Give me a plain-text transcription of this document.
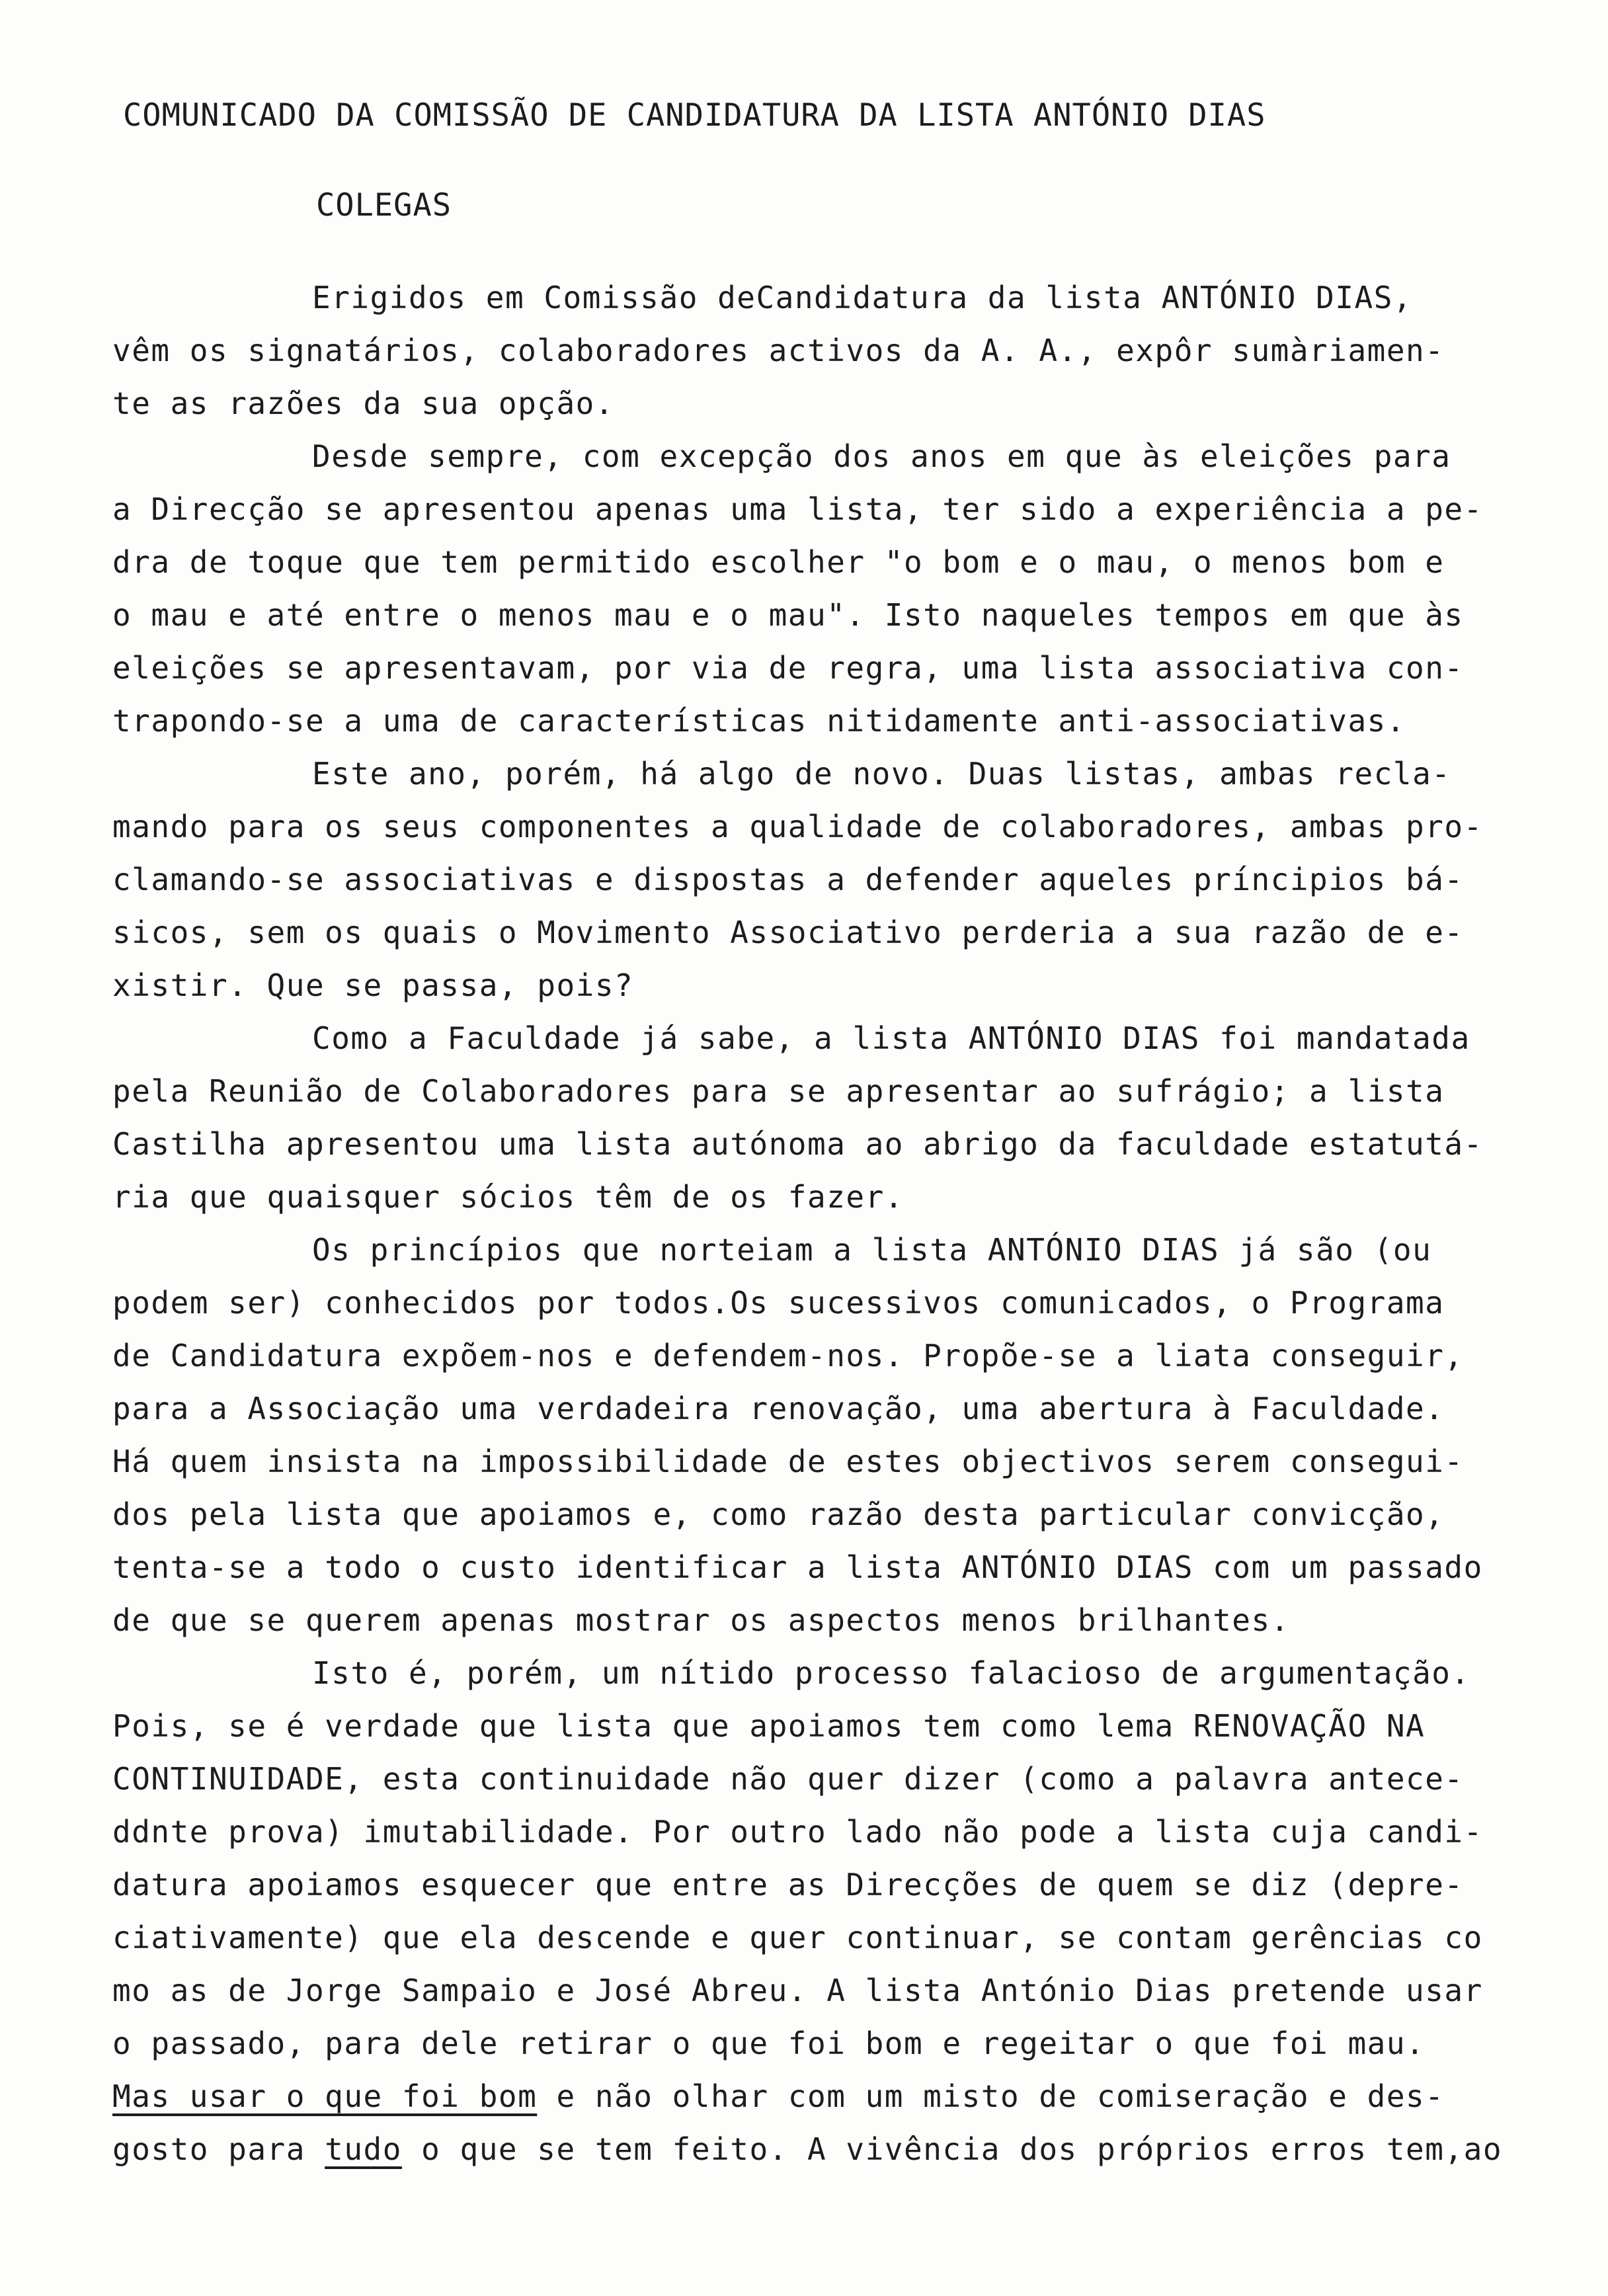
COMUNICADO DA COMISSÃO DE CANDIDATURA DA LISTA ANTÓNIO DIAS
COLEGAS
Erigidos em Comissão deCandidatura da lista ANTÓNIO DIAS,
vêm os signatários, colaboradores activos da A. A., expôr sumàriamen-
te as razões da sua opção.
Desde sempre, com excepção dos anos em que às eleições para
a Direcção se apresentou apenas uma lista, ter sido a experiência a pe-
dra de toque que tem permitido escolher "o bom e o mau, o menos bom e
o mau e até entre o menos mau e o mau". Isto naqueles tempos em que às
eleições se apresentavam, por via de regra, uma lista associativa con-
trapondo-se a uma de características nitidamente anti-associativas.
Este ano, porém, há algo de novo. Duas listas, ambas recla-
mando para os seus componentes a qualidade de colaboradores, ambas pro-
clamando-se associativas e dispostas a defender aqueles príncipios bá-
sicos, sem os quais o Movimento Associativo perderia a sua razão de e-
xistir. Que se passa, pois?
Como a Faculdade já sabe, a lista ANTÓNIO DIAS foi mandatada
pela Reunião de Colaboradores para se apresentar ao sufrágio; a lista
Castilha apresentou uma lista autónoma ao abrigo da faculdade estatutá-
ria que quaisquer sócios têm de os fazer.
Os princípios que norteiam a lista ANTÓNIO DIAS já são (ou
podem ser) conhecidos por todos.Os sucessivos comunicados, o Programa
de Candidatura expõem-nos e defendem-nos. Propõe-se a liata conseguir,
para a Associação uma verdadeira renovação, uma abertura à Faculdade.
Há quem insista na impossibilidade de estes objectivos serem consegui-
dos pela lista que apoiamos e, como razão desta particular convicção,
tenta-se a todo o custo identificar a lista ANTÓNIO DIAS com um passado
de que se querem apenas mostrar os aspectos menos brilhantes.
Isto é, porém, um nítido processo falacioso de argumentação.
Pois, se é verdade que lista que apoiamos tem como lema RENOVAÇÃO NA
CONTINUIDADE, esta continuidade não quer dizer (como a palavra antece-
ddnte prova) imutabilidade. Por outro lado não pode a lista cuja candi-
datura apoiamos esquecer que entre as Direcções de quem se diz (depre-
ciativamente) que ela descende e quer continuar, se contam gerências co
mo as de Jorge Sampaio e José Abreu. A lista António Dias pretende usar
o passado, para dele retirar o que foi bom e regeitar o que foi mau.
Mas usar o que foi bom e não olhar com um misto de comiseração e des-
gosto para tudo o que se tem feito. A vivência dos próprios erros tem,ao
